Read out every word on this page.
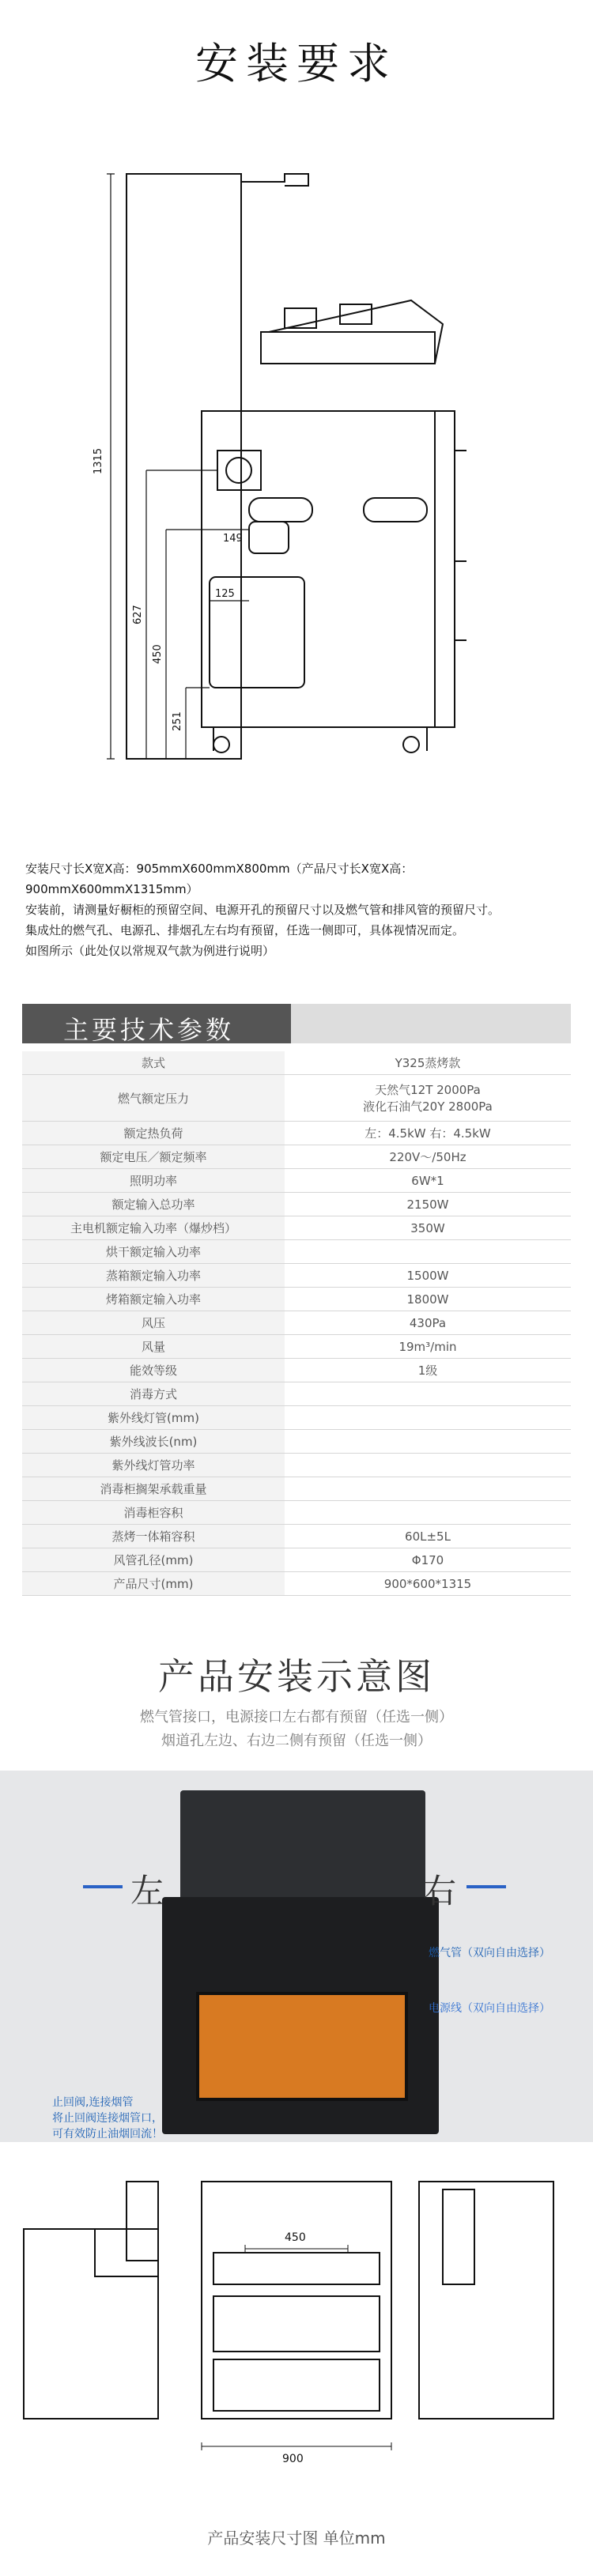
安装要求
1315
627
450
251
149
125
安装尺寸长X宽X高：905mmX600mmX800mm（产品尺寸长X宽X高：900mmX600mmX1315mm）
安装前，请测量好橱柜的预留空间、电源开孔的预留尺寸以及燃气管和排风管的预留尺寸。
集成灶的燃气孔、电源孔、排烟孔左右均有预留，任选一侧即可，具体视情况而定。
如图所示（此处仅以常规双气款为例进行说明）
主要技术参数
款式	Y325蒸烤款
燃气额定压力	天然气12T 2000Pa
液化石油气20Y 2800Pa
额定热负荷	左：4.5kW 右：4.5kW
额定电压／额定频率	220V～/50Hz
照明功率	6W*1
额定输入总功率	2150W
主电机额定输入功率（爆炒档）	350W
烘干额定输入功率	
蒸箱额定输入功率	1500W
烤箱额定输入功率	1800W
风压	430Pa
风量	19m³/min
能效等级	1级
消毒方式	
紫外线灯管(mm)	
紫外线波长(nm)	
紫外线灯管功率	
消毒柜搁架承载重量	
消毒柜容积	
蒸烤一体箱容积	60L±5L
风管孔径(mm)	Φ170
产品尺寸(mm)	900*600*1315
产品安装示意图
燃气管接口，电源接口左右都有预留（任选一侧）
烟道孔左边、右边二侧有预留（任选一侧）
左	右
燃气管（双向自由选择）
电源线（双向自由选择）
止回阀,连接烟管
将止回阀连接烟管口，
可有效防止油烟回流！
450
900
产品安装尺寸图 单位mm
